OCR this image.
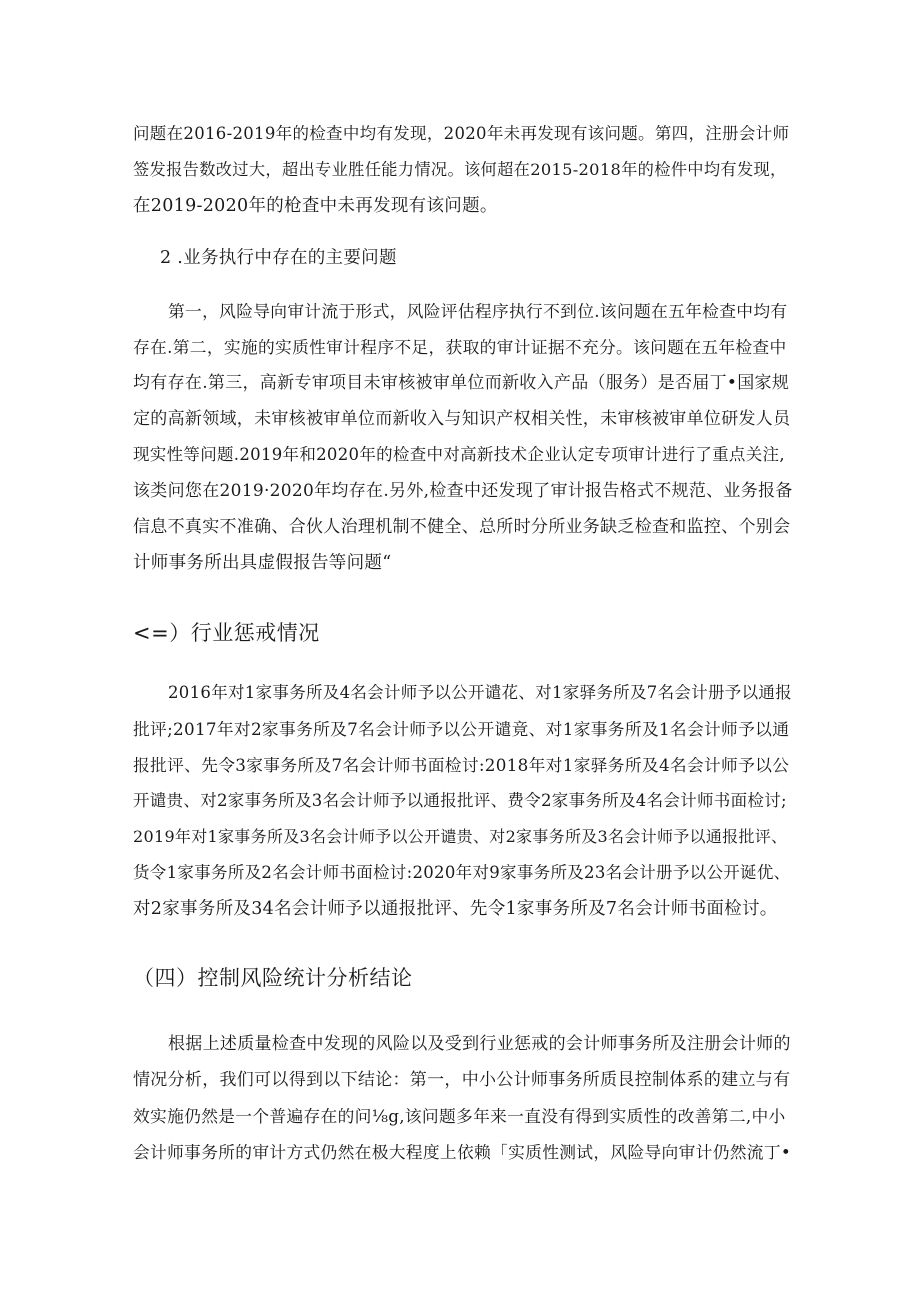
问题在2016-2019年的检查中均有发现，2020年未再发现有该问题。第四，注册会计师
签发报告数改过大，超出专业胜任能力情况。该何超在2015-2018年的检件中均有发现，
在2019-2020年的枪査中未再发现有该问题。
2 .业务执行中存在的主要问题
第一，风险导向审计流于形式，风险评估程序执行不到位.该问题在五年检查中均有
存在.第二，实施的实质性审计程序不足，获取的审计证据不充分。该问题在五年检查中
均有存在.第三，高新专审项目未审核被审单位而新收入产品（服务）是否届丁•国家规
定的高新领域，未审核被审单位而新收入与知识产权相关性，未审核被审单位研发人员
现实性等问题.2019年和2020年的检查中对高新技术企业认定专项审计进行了重点关注,
该类问您在2019·2020年均存在.另外,检查中还发现了审计报告格式不规范、业务报备
信息不真实不准确、合伙人治理机制不健全、总所时分所业务缺乏检查和监控、个别会
计师事务所出具虚假报告等问题“
<=）行业惩戒情况
2016年对1家事务所及4名会计师予以公开谴花、对1家驿务所及7名会计册予以通报
批评;2017年对2家事务所及7名会计师予以公开谴竟、对1家事务所及1名会计师予以通
报批评、先令3家事务所及7名会计师书面检讨:2018年对1家驿务所及4名会计师予以公
开谴贵、对2家事务所及3名会计师予以通报批评、费令2家事务所及4名会计师书面检讨;
2019年对1家事务所及3名会计师予以公开谴贵、对2家事务所及3名会计师予以通报批评、
货令1家事务所及2名会计师书面检讨:2020年对9家事务所及23名会计册予以公开诞优、
对2家事务所及34名会计师予以通报批评、先令1家事务所及7名会计师书面检讨。
（四）控制风险统计分析结论
根据上述质量检查中发现的风险以及受到行业惩戒的会计师事务所及注册会计师的
情况分析，我们可以得到以下结论：第一，中小公计师事务所质艮控制体系的建立与有
效实施仍然是一个普遍存在的问⅛g,该问题多年来一直没有得到实质性的改善第二,中小
会计师事务所的审计方式仍然在极大程度上依赖「实质性测试，风险导向审计仍然流丁•
